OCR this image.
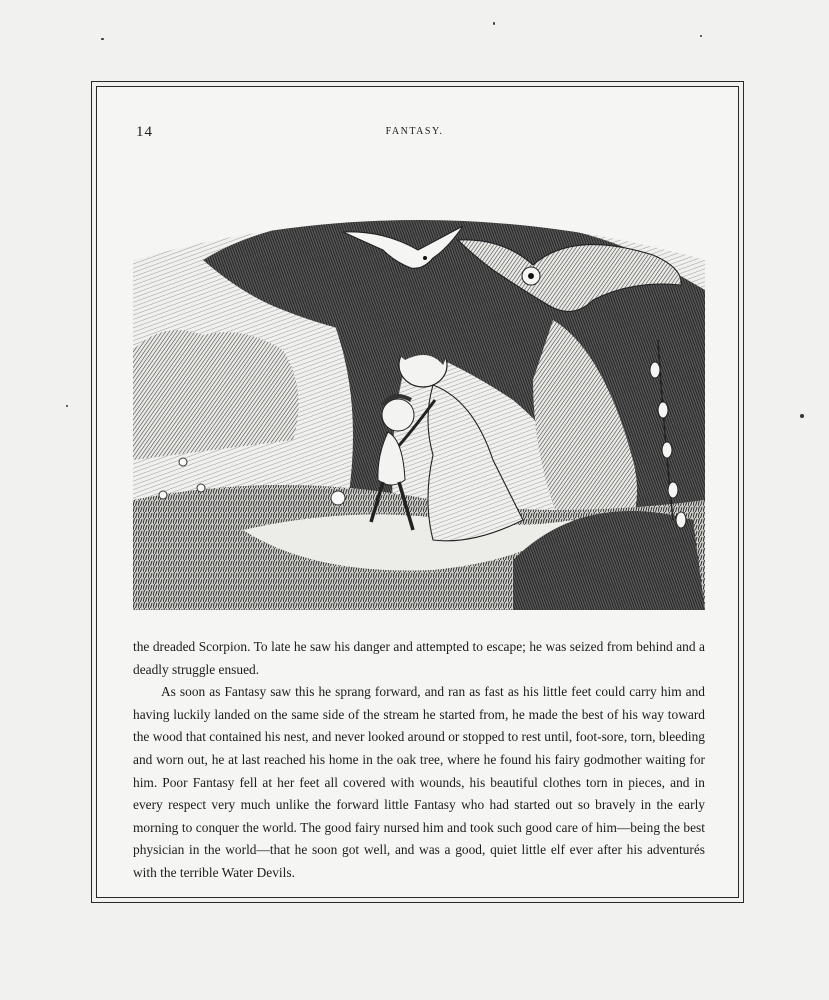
14	FANTASY.

the dreaded Scorpion. To late he saw his danger and attempted to escape; he was seized from behind and a deadly struggle ensued.

As soon as Fantasy saw this he sprang forward, and ran as fast as his little feet could carry him and having luckily landed on the same side of the stream he started from, he made the best of his way toward the wood that contained his nest, and never looked around or stopped to rest until, foot-sore, torn, bleeding and worn out, he at last reached his home in the oak tree, where he found his fairy godmother waiting for him. Poor Fantasy fell at her feet all covered with wounds, his beautiful clothes torn in pieces, and in every respect very much unlike the forward little Fantasy who had started out so bravely in the early morning to conquer the world. The good fairy nursed him and took such good care of him—being the best physician in the world—that he soon got well, and was a good, quiet little elf ever after his adventurés with the terrible Water Devils.
